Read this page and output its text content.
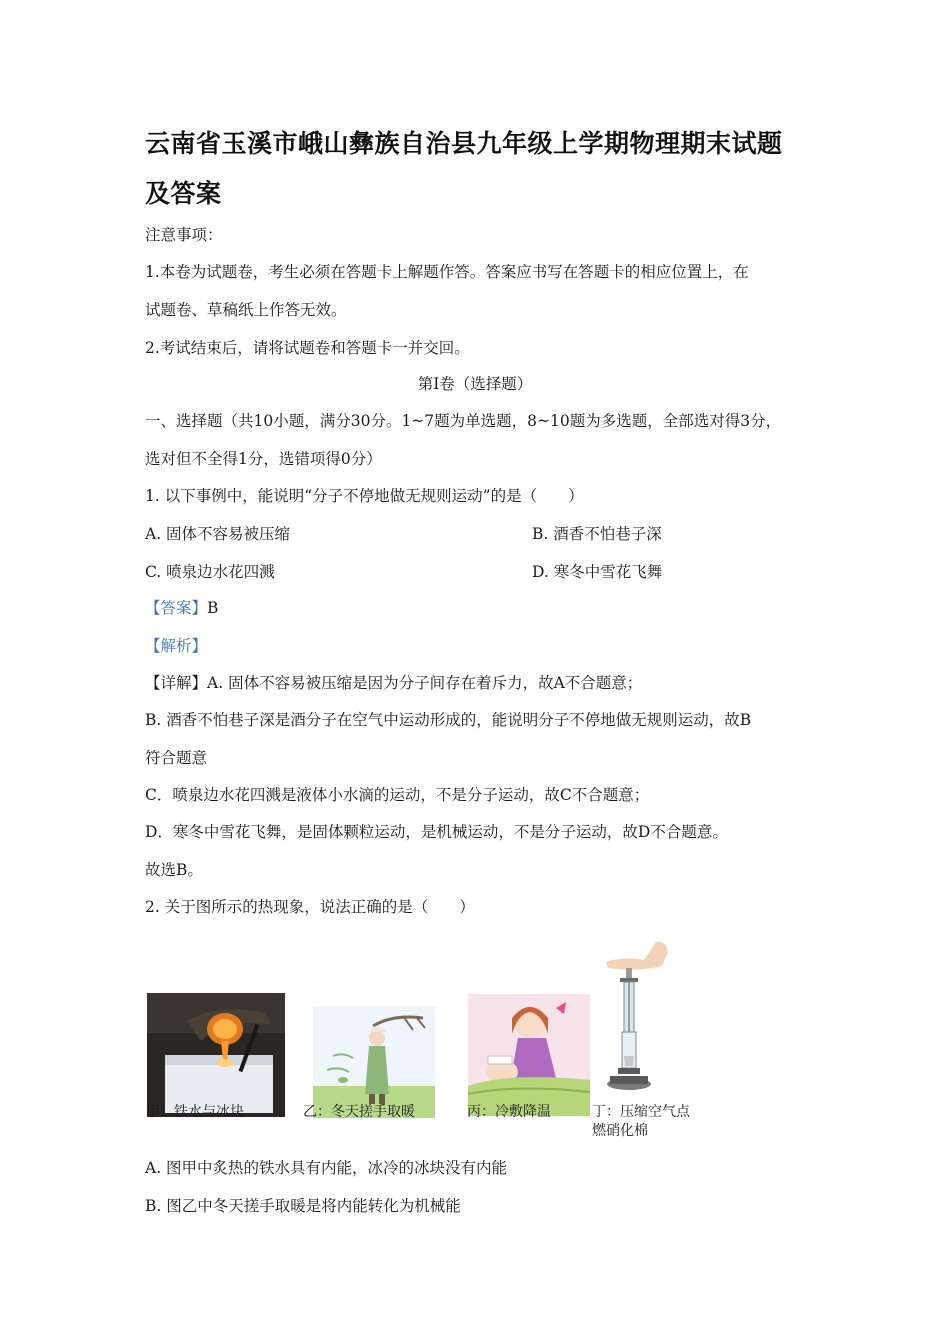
云南省玉溪市峨山彝族自治县九年级上学期物理期末试题
及答案
注意事项：
1.本卷为试题卷，考生必须在答题卡上解题作答。答案应书写在答题卡的相应位置上，在
试题卷、草稿纸上作答无效。
2.考试结束后，请将试题卷和答题卡一并交回。
第I卷（选择题）
一、选择题（共10小题，满分30分。1~7题为单选题，8~10题为多选题，全部选对得3分，
选对但不全得1分，选错项得0分）
1. 以下事例中，能说明“分子不停地做无规则运动”的是（　　）
A. 固体不容易被压缩	B. 酒香不怕巷子深
C. 喷泉边水花四溅	D. 寒冬中雪花飞舞
【答案】B
【解析】
【详解】A. 固体不容易被压缩是因为分子间存在着斥力，故A不合题意；
B. 酒香不怕巷子深是酒分子在空气中运动形成的，能说明分子不停地做无规则运动，故B
符合题意
C．喷泉边水花四溅是液体小水滴的运动，不是分子运动，故C不合题意；
D．寒冬中雪花飞舞，是固体颗粒运动，是机械运动，不是分子运动，故D不合题意。
故选B。
2. 关于图所示的热现象，说法正确的是（　　）
甲：铁水与冰块	乙：冬天搓手取暖	丙：冷敷降温	丁：压缩空气点
燃硝化棉
A. 图甲中炙热的铁水具有内能，冰冷的冰块没有内能
B. 图乙中冬天搓手取暖是将内能转化为机械能
